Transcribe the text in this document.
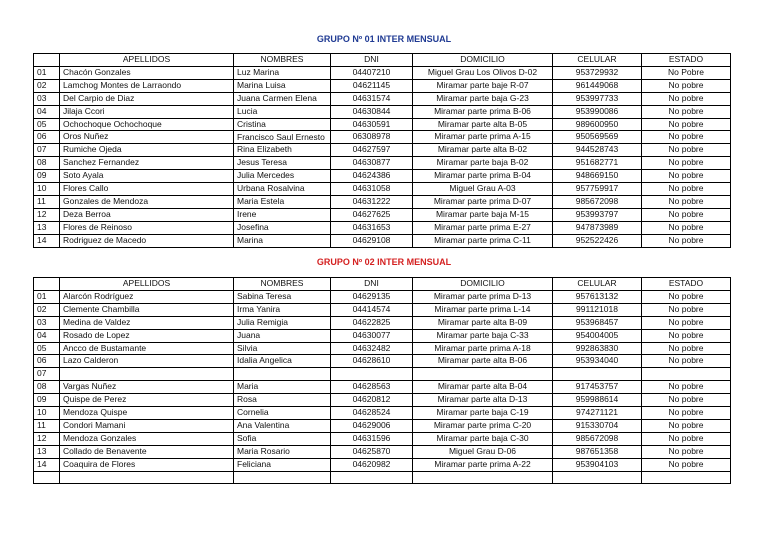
GRUPO Nº 01 INTER MENSUAL
	APELLIDOS	NOMBRES	DNI	DOMICILIO	CELULAR	ESTADO
01	Chacón Gonzales	Luz Marina	04407210	Miguel Grau Los Olivos D-02	953729932	No Pobre
02	Lamchog Montes de Larraondo	Marina Luisa	04621145	Miramar parte baje R-07	961449068	No pobre
03	Del Carpio de Diaz	Juana Carmen Elena	04631574	Miramar parte baja G-23	953997733	No pobre
04	Jilaja Ccori	Lucia	04630844	Miramar parte prima B-06	953990086	No pobre
05	Ochochoque Ochochoque	Cristina	04630591	Miramar parte alta B-05	989600950	No pobre
06	Oros Nuñez	Francisco Saul Ernesto	06308978	Miramar parte prima A-15	950569569	No pobre
07	Rumiche Ojeda	Rina Elizabeth	04627597	Miramar parte alta B-02	944528743	No pobre
08	Sanchez Fernandez	Jesus Teresa	04630877	Miramar parte baja B-02	951682771	No pobre
09	Soto Ayala	Julia Mercedes	04624386	Miramar parte prima B-04	948669150	No pobre
10	Flores Callo	Urbana Rosalvina	04631058	Miguel Grau A-03	957759917	No pobre
11	Gonzales de Mendoza	Maria Estela	04631222	Miramar parte prima D-07	985672098	No pobre
12	Deza Berroa	Irene	04627625	Miramar parte baja M-15	953993797	No pobre
13	Flores de Reinoso	Josefina	04631653	Miramar parte prima E-27	947873989	No pobre
14	Rodriguez de Macedo	Marina	04629108	Miramar parte prima C-11	952522426	No pobre
GRUPO Nº 02 INTER MENSUAL
	APELLIDOS	NOMBRES	DNI	DOMICILIO	CELULAR	ESTADO
01	Alarcón Rodríguez	Sabina Teresa	04629135	Miramar parte prima D-13	957613132	No pobre
02	Clemente Chambilla	Irma Yanira	04414574	Miramar parte prima L-14	991121018	No pobre
03	Medina de Valdez	Julia Remigia	04622825	Miramar parte alta B-09	953968457	No pobre
04	Rosado de Lopez	Juana	04630077	Miramar parte baja C-33	954004005	No pobre
05	Ancco de Bustamante	Silvia	04632482	Miramar parte prima A-18	992863830	No pobre
06	Lazo Calderon	Idalia Angelica	04628610	Miramar parte alta B-06	953934040	No pobre
07						
08	Vargas Nuñez	Maria	04628563	Miramar parte alta B-04	917453757	No pobre
09	Quispe de Perez	Rosa	04620812	Miramar parte alta D-13	959988614	No pobre
10	Mendoza Quispe	Cornelia	04628524	Miramar parte baja C-19	974271121	No pobre
11	Condori Mamani	Ana Valentina	04629006	Miramar parte prima C-20	915330704	No pobre
12	Mendoza Gonzales	Sofia	04631596	Miramar parte baja C-30	985672098	No pobre
13	Collado de Benavente	Maria Rosario	04625870	Miguel Grau D-06	987651358	No pobre
14	Coaquira de Flores	Feliciana	04620982	Miramar parte prima A-22	953904103	No pobre
